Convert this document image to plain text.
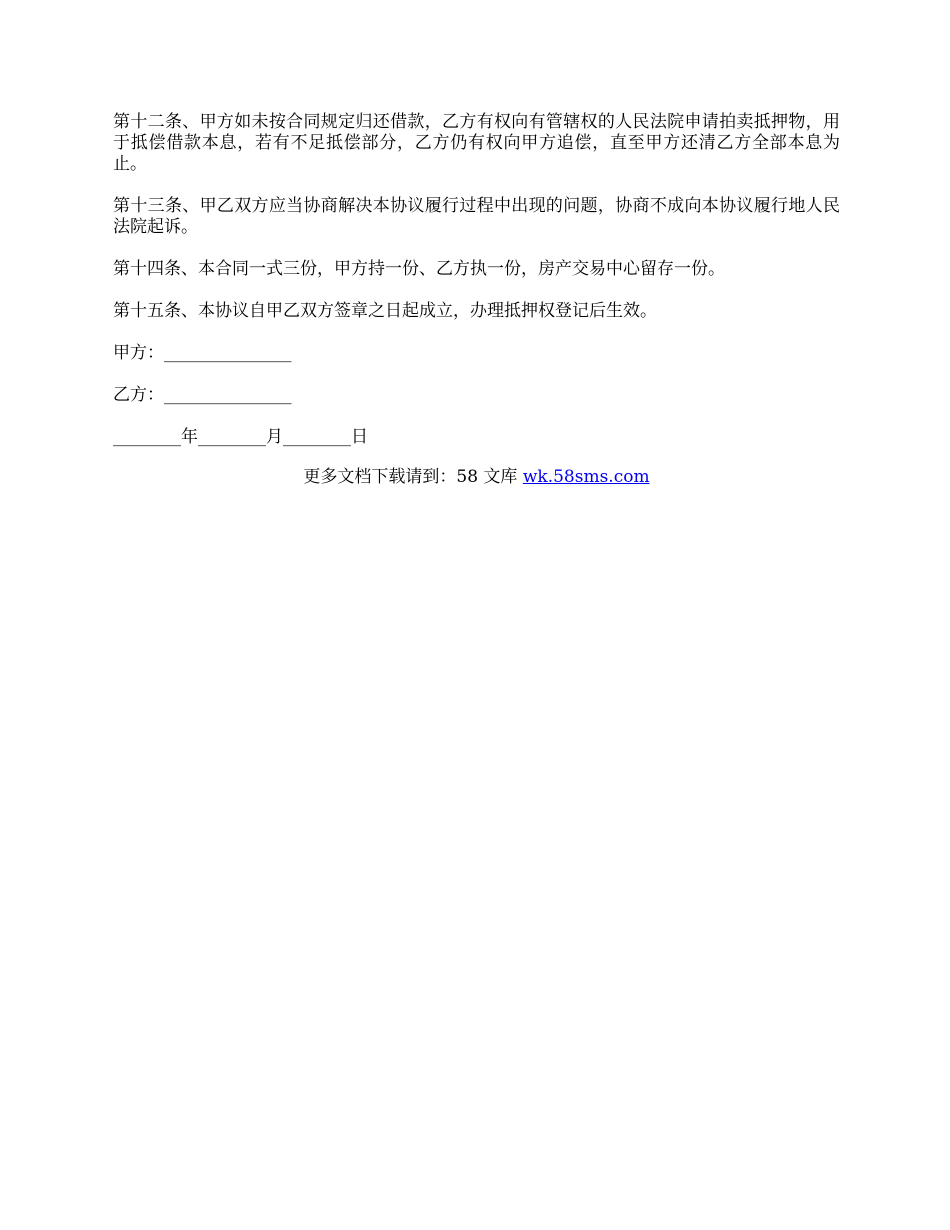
第十二条、甲方如未按合同规定归还借款，乙方有权向有管辖权的人民法院申请拍卖抵押物，用于抵偿借款本息，若有不足抵偿部分，乙方仍有权向甲方追偿，直至甲方还清乙方全部本息为止。

第十三条、甲乙双方应当协商解决本协议履行过程中出现的问题，协商不成向本协议履行地人民法院起诉。

第十四条、本合同一式三份，甲方持一份、乙方执一份，房产交易中心留存一份。

第十五条、本协议自甲乙双方签章之日起成立，办理抵押权登记后生效。

甲方：_______________
乙方：_______________
________年________月________日
更多文档下载请到：58 文库 wk.58sms.com
